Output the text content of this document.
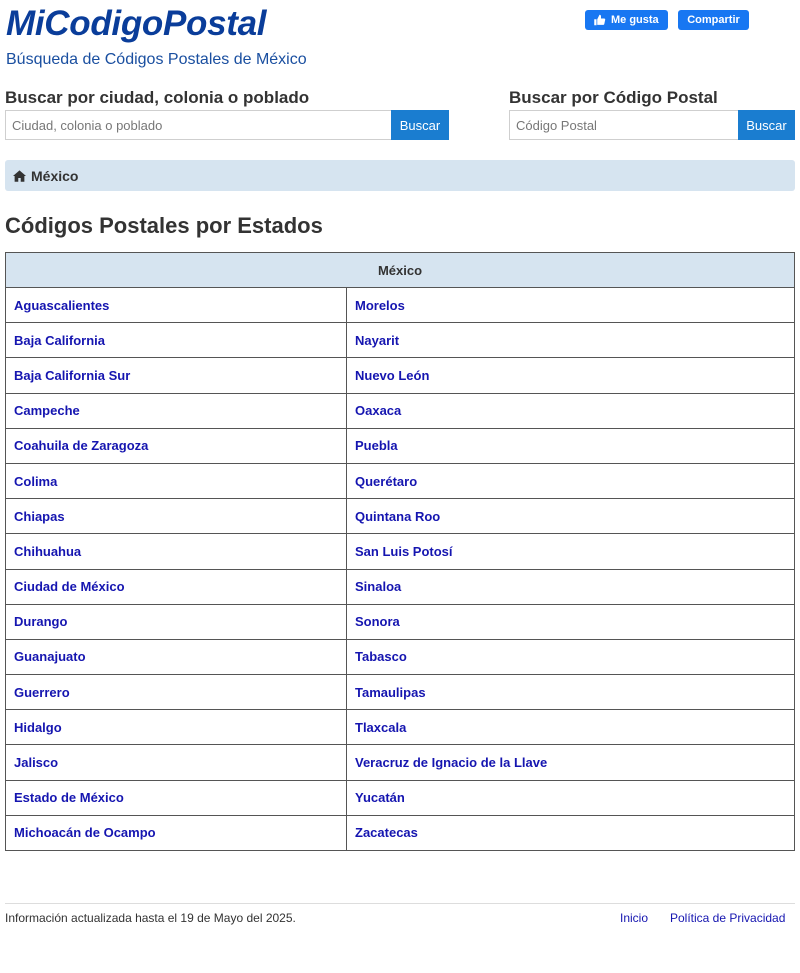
MiCodigoPostal
Búsqueda de Códigos Postales de México
Me gusta	Compartir
Buscar por ciudad, colonia o poblado
Ciudad, colonia o poblado
Buscar
Buscar por Código Postal
Código Postal
Buscar
México
Códigos Postales por Estados
México	
Aguascalientes	Morelos
Baja California	Nayarit
Baja California Sur	Nuevo León
Campeche	Oaxaca
Coahuila de Zaragoza	Puebla
Colima	Querétaro
Chiapas	Quintana Roo
Chihuahua	San Luis Potosí
Ciudad de México	Sinaloa
Durango	Sonora
Guanajuato	Tabasco
Guerrero	Tamaulipas
Hidalgo	Tlaxcala
Jalisco	Veracruz de Ignacio de la Llave
Estado de México	Yucatán
Michoacán de Ocampo	Zacatecas
Información actualizada hasta el 19 de Mayo del 2025.	Inicio Política de Privacidad
